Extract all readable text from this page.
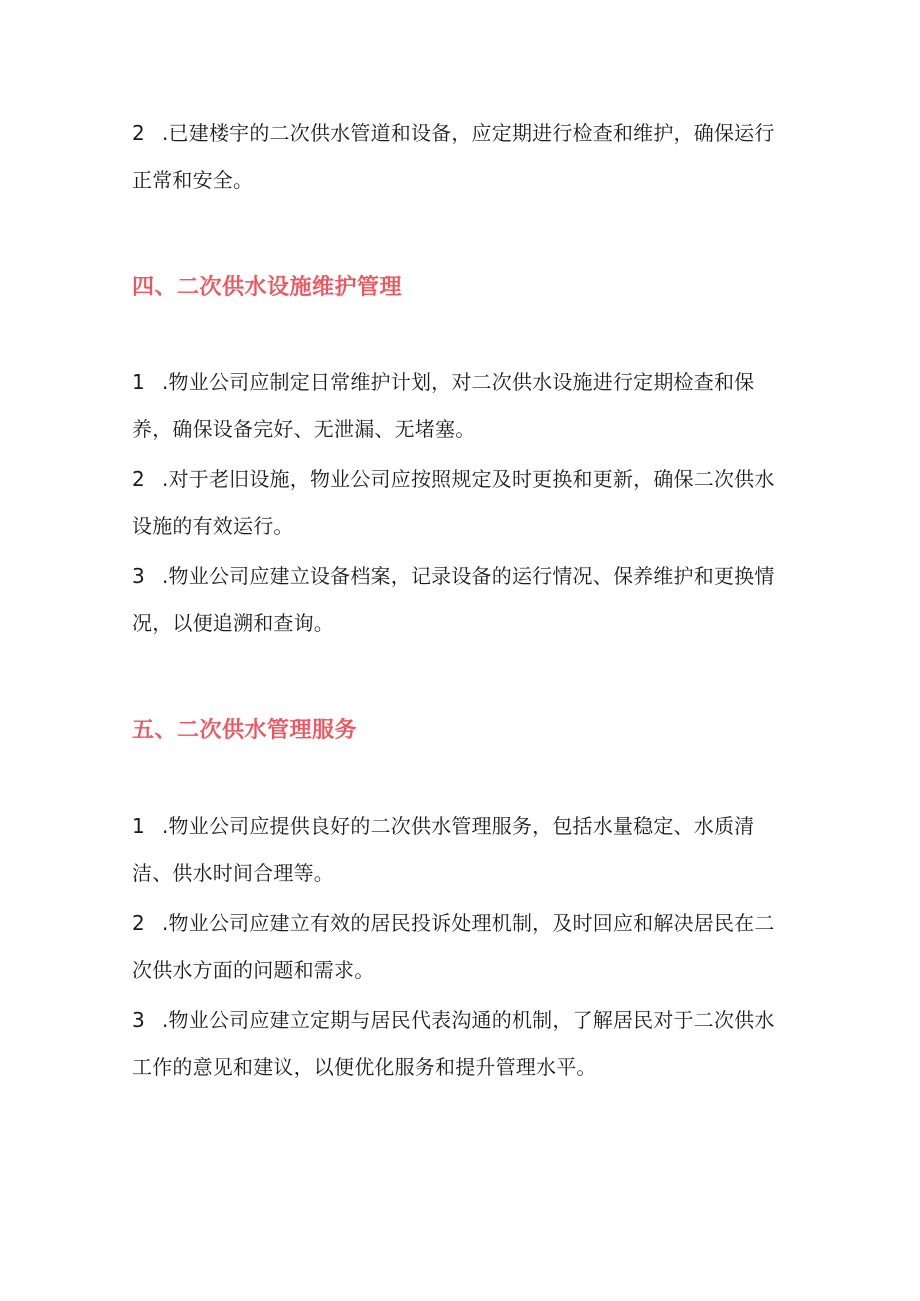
2 .已建楼宇的二次供水管道和设备，应定期进行检查和维护，确保运行正常和安全。

四、二次供水设施维护管理

1 .物业公司应制定日常维护计划，对二次供水设施进行定期检查和保养，确保设备完好、无泄漏、无堵塞。

2 .对于老旧设施，物业公司应按照规定及时更换和更新，确保二次供水设施的有效运行。

3 .物业公司应建立设备档案，记录设备的运行情况、保养维护和更换情况，以便追溯和查询。

五、二次供水管理服务

1 .物业公司应提供良好的二次供水管理服务，包括水量稳定、水质清洁、供水时间合理等。

2 .物业公司应建立有效的居民投诉处理机制，及时回应和解决居民在二次供水方面的问题和需求。

3 .物业公司应建立定期与居民代表沟通的机制，了解居民对于二次供水工作的意见和建议，以便优化服务和提升管理水平。
